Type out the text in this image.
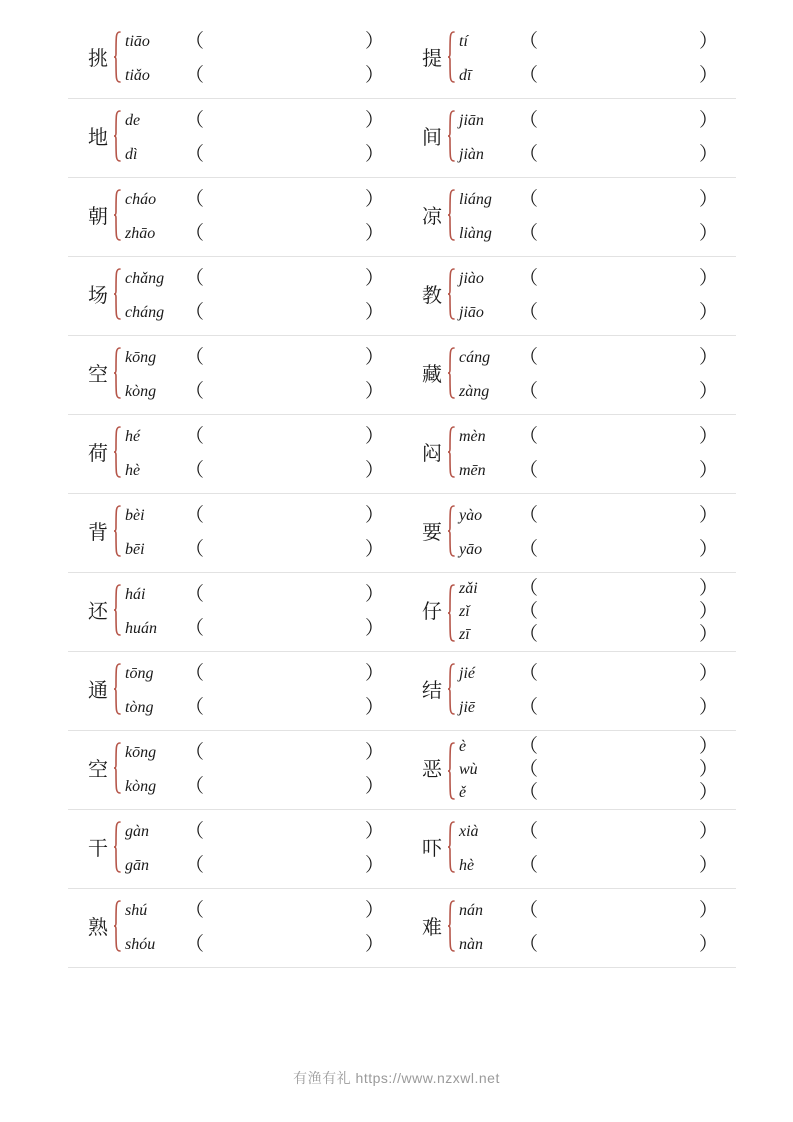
挑
tiāo	（	）
tiǎo	（	）

提
tí	（	）
dī	（	）

地
de	（	）
dì	（	）

间
jiān	（	）
jiàn	（	）

朝
cháo	（	）
zhāo	（	）

凉
liáng	（	）
liàng	（	）

场
chǎng	（	）
cháng	（	）

教
jiào	（	）
jiāo	（	）

空
kōng	（	）
kòng	（	）

藏
cáng	（	）
zàng	（	）

荷
hé	（	）
hè	（	）

闷
mèn	（	）
mēn	（	）

背
bèi	（	）
bēi	（	）

要
yào	（	）
yāo	（	）

还
hái	（	）
huán	（	）

仔
zǎi	（	）
zǐ	（	）
zī	（	）

通
tōng	（	）
tòng	（	）

结
jié	（	）
jiē	（	）

空
kōng	（	）
kòng	（	）

恶
è	（	）
wù	（	）
ě	（	）

干
gàn	（	）
gān	（	）

吓
xià	（	）
hè	（	）

熟
shú	（	）
shóu	（	）

难
nán	（	）
nàn	（	）
有渔有礼 https://www.nzxwl.net
